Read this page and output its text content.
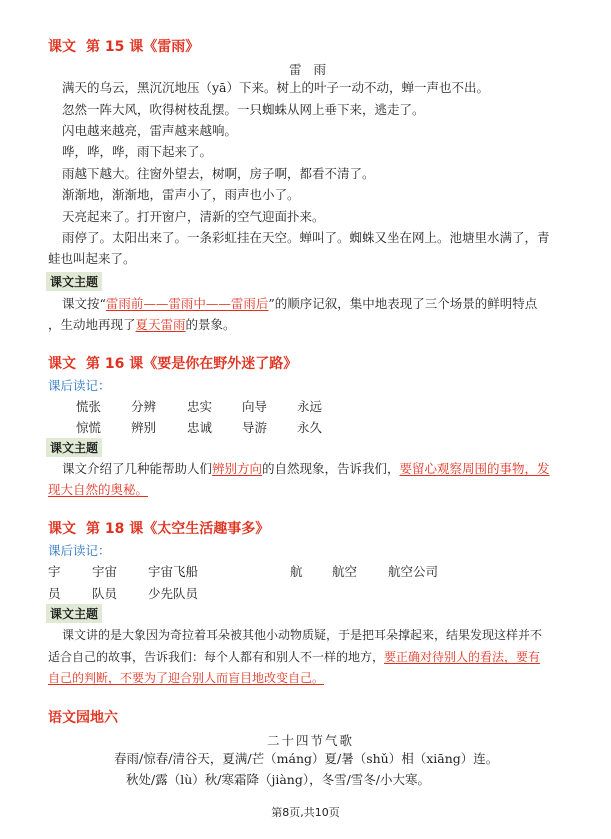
课文 第 15 课《雷雨》
雷 雨
满天的乌云，黑沉沉地压（yā）下来。树上的叶子一动不动，蝉一声也不出。
忽然一阵大风，吹得树枝乱摆。一只蜘蛛从网上垂下来，逃走了。
闪电越来越亮，雷声越来越响。
哗，哗，哗，雨下起来了。
雨越下越大。往窗外望去，树啊，房子啊，都看不清了。
渐渐地，渐渐地，雷声小了，雨声也小了。
天亮起来了。打开窗户，清新的空气迎面扑来。
雨停了。太阳出来了。一条彩虹挂在天空。蝉叫了。蜘蛛又坐在网上。池塘里水满了，青
蛙也叫起来了。
课文主题
课文按“雷雨前——雷雨中——雷雨后”的顺序记叙，集中地表现了三个场景的鲜明特点
，生动地再现了夏天雷雨的景象。
课文 第 16 课《要是你在野外迷了路》
课后读记：
慌张 分辨 忠实 向导 永远
惊慌 辨别 忠诚 导游 永久
课文主题
课文介绍了几种能帮助人们辨别方向的自然现象，告诉我们，要留心观察周围的事物，发
现大自然的奥秘。
课文 第 18 课《太空生活趣事多》
课后读记：
宇	宇宙 宇宙飞船	航 航空 航空公司
员	队员 少先队员
课文主题
课文讲的是大象因为奇拉着耳朵被其他小动物质疑，于是把耳朵撑起来，结果发现这样并不
适合自己的故事，告诉我们：每个人都有和别人不一样的地方，要正确对待别人的看法，要有
自己的判断，不要为了迎合别人而盲目地改变自己。
语文园地六
二十四节气歌
春雨/惊春/清谷天，夏满/芒（máng）夏/暑（shǔ）相（xiāng）连。
秋处/露（lù）秋/寒霜降（jiàng），冬雪/雪冬/小大寒。
第8页,共10页
